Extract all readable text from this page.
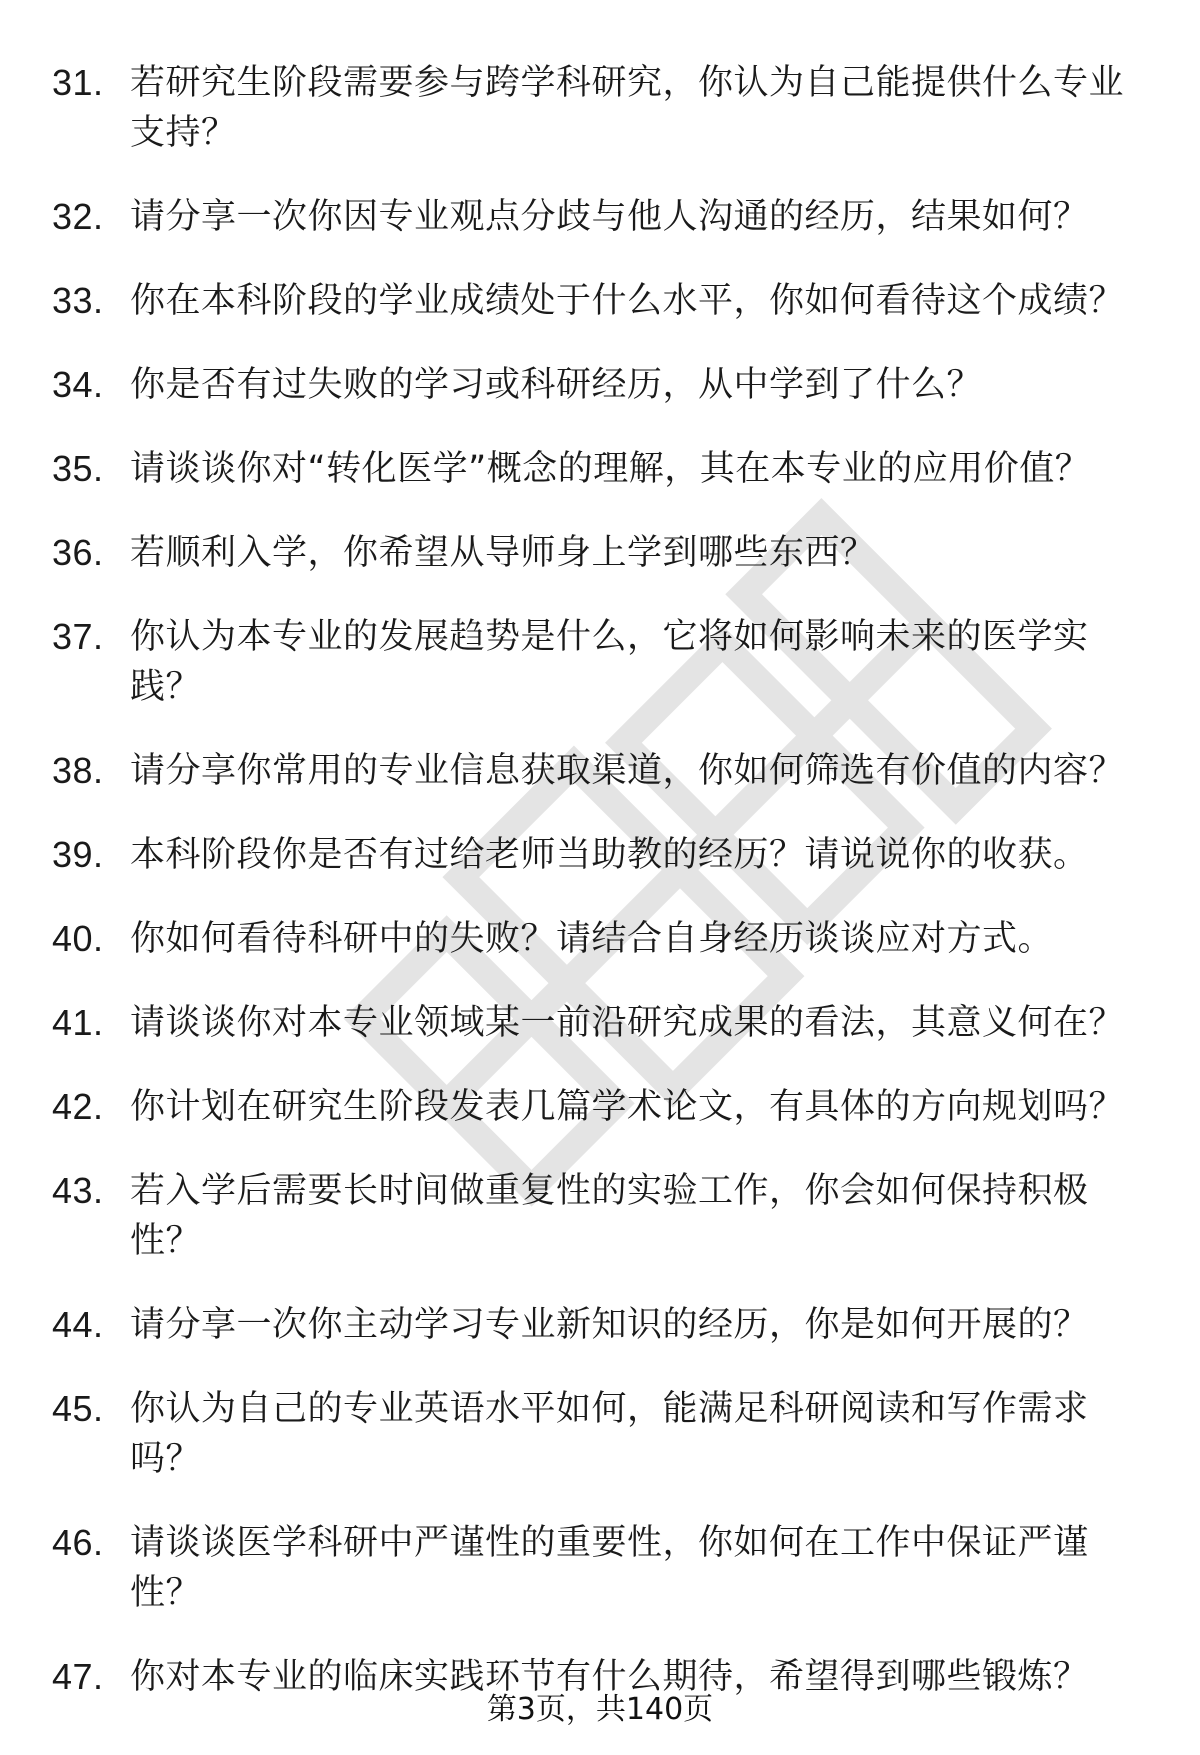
31. 若研究生阶段需要参与跨学科研究，你认为自己能提供什么专业支持？
32. 请分享一次你因专业观点分歧与他人沟通的经历，结果如何？
33. 你在本科阶段的学业成绩处于什么水平，你如何看待这个成绩？
34. 你是否有过失败的学习或科研经历，从中学到了什么？
35. 请谈谈你对“转化医学”概念的理解，其在本专业的应用价值？
36. 若顺利入学，你希望从导师身上学到哪些东西？
37. 你认为本专业的发展趋势是什么，它将如何影响未来的医学实践？
38. 请分享你常用的专业信息获取渠道，你如何筛选有价值的内容？
39. 本科阶段你是否有过给老师当助教的经历？请说说你的收获。
40. 你如何看待科研中的失败？请结合自身经历谈谈应对方式。
41. 请谈谈你对本专业领域某一前沿研究成果的看法，其意义何在？
42. 你计划在研究生阶段发表几篇学术论文，有具体的方向规划吗？
43. 若入学后需要长时间做重复性的实验工作，你会如何保持积极性？
44. 请分享一次你主动学习专业新知识的经历，你是如何开展的？
45. 你认为自己的专业英语水平如何，能满足科研阅读和写作需求吗？
46. 请谈谈医学科研中严谨性的重要性，你如何在工作中保证严谨性？
47. 你对本专业的临床实践环节有什么期待，希望得到哪些锻炼？
第3页，共140页
